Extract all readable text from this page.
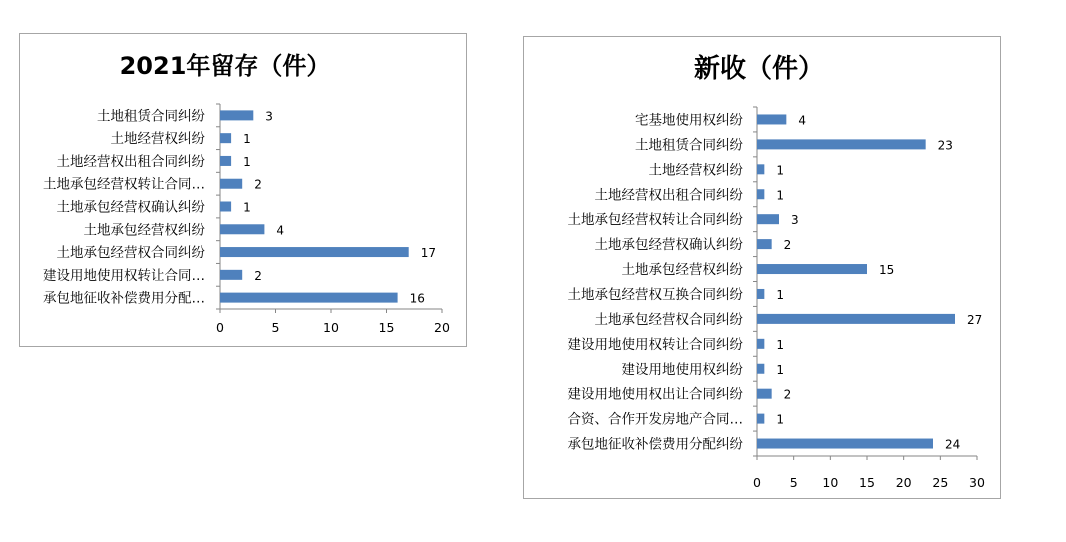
2021年留存（件）
0	5	10	15	20
土地租赁合同纠纷	3
土地经营权纠纷	1
土地经营权出租合同纠纷	1
土地承包经营权转让合同…	2
土地承包经营权确认纠纷	1
土地承包经营权纠纷	4
土地承包经营权合同纠纷	17
建设用地使用权转让合同…	2
承包地征收补偿费用分配…	16
新收（件）
0 5 10 15 20 25 30
宅基地使用权纠纷	4
土地租赁合同纠纷	23
土地经营权纠纷	1
土地经营权出租合同纠纷	1
土地承包经营权转让合同纠纷	3
土地承包经营权确认纠纷	2
土地承包经营权纠纷	15
土地承包经营权互换合同纠纷	1
土地承包经营权合同纠纷	27
建设用地使用权转让合同纠纷	1
建设用地使用权纠纷	1
建设用地使用权出让合同纠纷	2
合资、合作开发房地产合同…	1
承包地征收补偿费用分配纠纷	24
